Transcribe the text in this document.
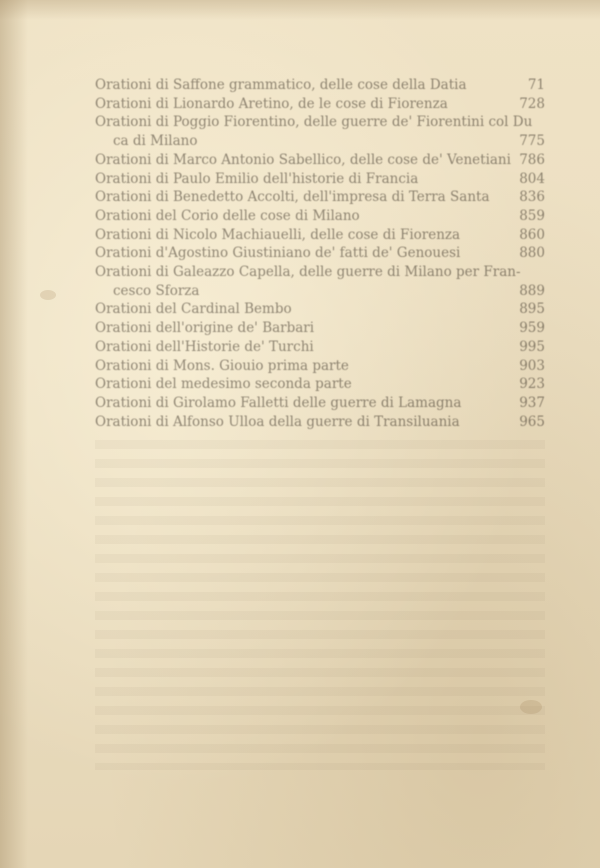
Orationi di Saffone grammatico, delle cose della Datia	71
Orationi di Lionardo Aretino, de le cose di Fiorenza	728
Orationi di Poggio Fiorentino, delle guerre de' Fiorentini col Du
ca di Milano	775
Orationi di Marco Antonio Sabellico, delle cose de' Venetiani 786
Orationi di Paulo Emilio dell'historie di Francia	804
Orationi di Benedetto Accolti, dell'impresa di Terra Santa 836
Orationi del Corio delle cose di Milano	859
Orationi di Nicolo Machiauelli, delle cose di Fiorenza	860
Orationi d'Agostino Giustiniano de' fatti de' Genouesi	880
Orationi di Galeazzo Capella, delle guerre di Milano per Fran-
cesco Sforza	889
Orationi del Cardinal Bembo	895
Orationi dell'origine de' Barbari	959
Orationi dell'Historie de' Turchi	995
Orationi di Mons. Giouio prima parte	903
Orationi del medesimo seconda parte	923
Orationi di Girolamo Falletti delle guerre di Lamagna	937
Orationi di Alfonso Ulloa della guerre di Transiluania	965
